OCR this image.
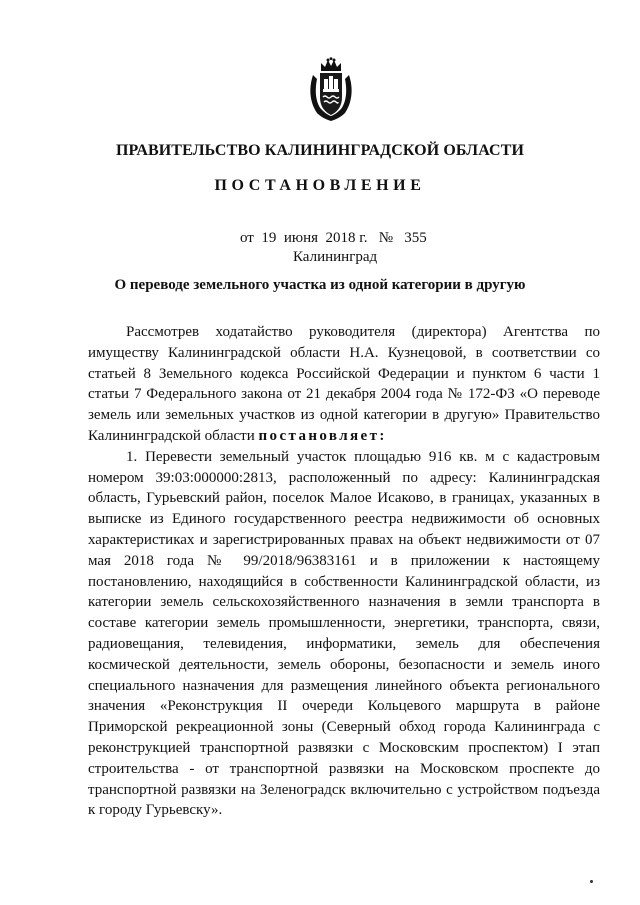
ПРАВИТЕЛЬСТВО КАЛИНИНГРАДСКОЙ ОБЛАСТИ
ПОСТАНОВЛЕНИЕ
от  19  июня  2018 г.   №   355
Калининград
О переводе земельного участка из одной категории в другую

Рассмотрев ходатайство руководителя (директора) Агентства по имуществу Калининградской области Н.А. Кузнецовой, в соответствии со статьей 8 Земельного кодекса Российской Федерации и пунктом 6 части 1 статьи 7 Федерального закона от 21 декабря 2004 года № 172-ФЗ «О переводе земель или земельных участков из одной категории в другую» Правительство Калининградской области постановляет:

1. Перевести земельный участок площадью 916 кв. м с кадастровым номером 39:03:000000:2813, расположенный по адресу: Калининградская область, Гурьевский район, поселок Малое Исаково, в границах, указанных в выписке из Единого государственного реестра недвижимости об основных характеристиках и зарегистрированных правах на объект недвижимости от 07 мая 2018 года № 99/2018/96383161 и в приложении к настоящему постановлению, находящийся в собственности Калининградской области, из категории земель сельскохозяйственного назначения в земли транспорта в составе категории земель промышленности, энергетики, транспорта, связи, радиовещания, телевидения, информатики, земель для обеспечения космической деятельности, земель обороны, безопасности и земель иного специального назначения для размещения линейного объекта регионального значения «Реконструкция II очереди Кольцевого маршрута в районе Приморской рекреационной зоны (Северный обход города Калининграда с реконструкцией транспортной развязки с Московским проспектом) I этап строительства - от транспортной развязки на Московском проспекте до транспортной развязки на Зеленоградск включительно с устройством подъезда к городу Гурьевску».
